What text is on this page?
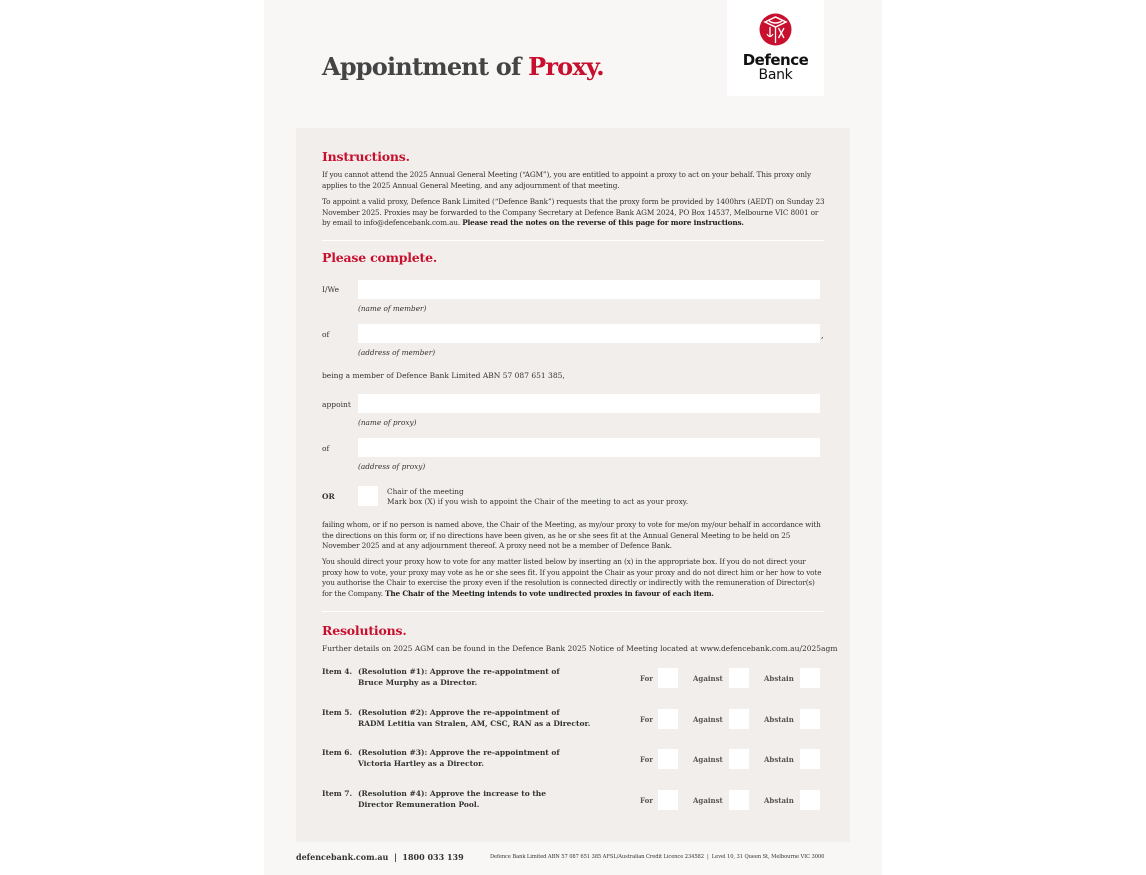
Appointment of Proxy.	Defence
Bank
Instructions.
If you cannot attend the 2025 Annual General Meeting (“AGM”), you are entitled to appoint a proxy to act on your behalf. This proxy only applies to the 2025 Annual General Meeting, and any adjournment of that meeting.
To appoint a valid proxy, Defence Bank Limited (“Defence Bank”) requests that the proxy form be provided by 1400hrs (AEDT) on Sunday 23 November 2025. Proxies may be forwarded to the Company Secretary at Defence Bank AGM 2024, PO Box 14537, Melbourne VIC 8001 or by email to info@defencebank.com.au. Please read the notes on the reverse of this page for more instructions.
Please complete.
I/We
(name of member)
of	,
(address of member)
being a member of Defence Bank Limited ABN 57 087 651 385,
appoint
(name of proxy)
of
(address of proxy)
OR
Chair of the meeting
Mark box (X) if you wish to appoint the Chair of the meeting to act as your proxy.
failing whom, or if no person is named above, the Chair of the Meeting, as my/our proxy to vote for me/on my/our behalf in accordance with the directions on this form or, if no directions have been given, as he or she sees fit at the Annual General Meeting to be held on 25 November 2025 and at any adjournment thereof. A proxy need not be a member of Defence Bank.
You should direct your proxy how to vote for any matter listed below by inserting an (x) in the appropriate box. If you do not direct your proxy how to vote, your proxy may vote as he or she sees fit. If you appoint the Chair as your proxy and do not direct him or her how to vote you authorise the Chair to exercise the proxy even if the resolution is connected directly or indirectly with the remuneration of Director(s) for the Company. The Chair of the Meeting intends to vote undirected proxies in favour of each item.
Resolutions.
Further details on 2025 AGM can be found in the Defence Bank 2025 Notice of Meeting located at www.defencebank.com.au/2025agm
Item 4. (Resolution #1): Approve the re-appointment of
Bruce Murphy as a Director.	For	Against	Abstain
Item 5. (Resolution #2): Approve the re-appointment of
RADM Letitia van Stralen, AM, CSC, RAN as a Director.	For	Against	Abstain
Item 6. (Resolution #3): Approve the re-appointment of
Victoria Hartley as a Director.	For	Against	Abstain
Item 7. (Resolution #4): Approve the increase to the
Director Remuneration Pool.	For	Against	Abstain
defencebank.com.au  |  1800 033 139	Defence Bank Limited ABN 57 087 651 385 AFSL/Australian Credit Licence 234582  |  Level 10, 31 Queen St, Melbourne VIC 3000
